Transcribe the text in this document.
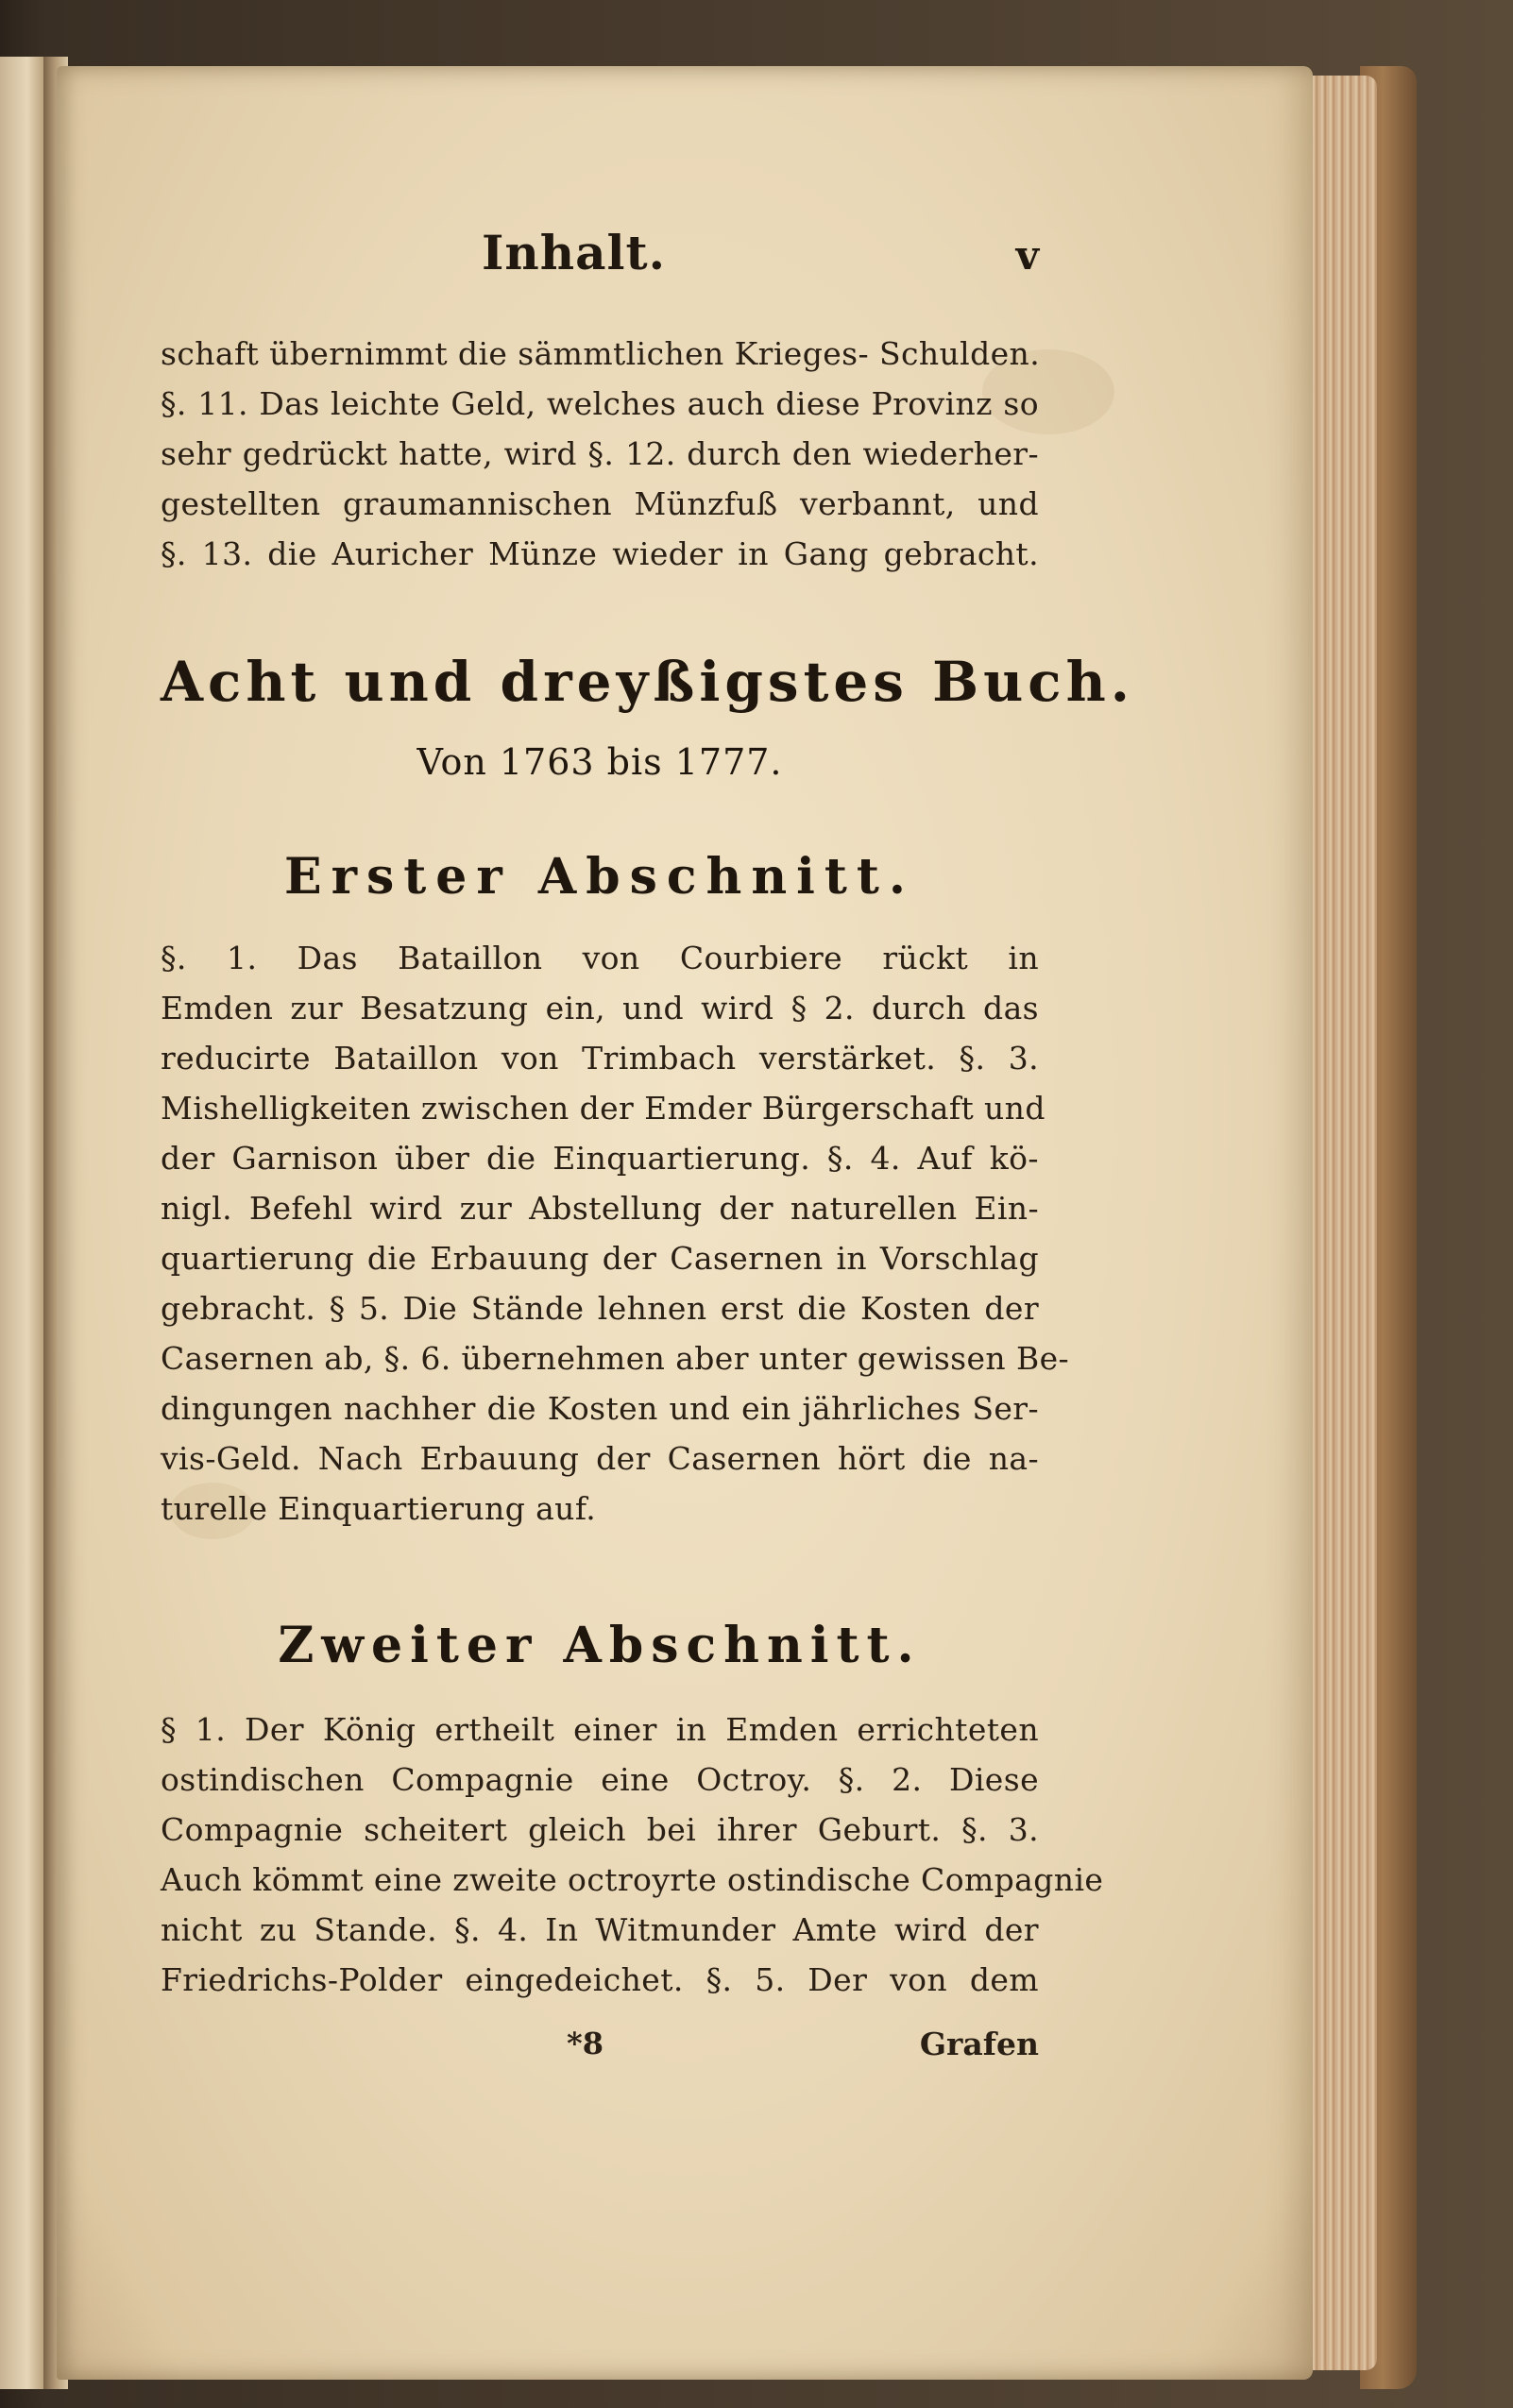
Inhalt.	v
schaft übernimmt die sämmtlichen Krieges- Schulden.
§. 11. Das leichte Geld, welches auch diese Provinz so
sehr gedrückt hatte, wird §. 12. durch den wiederher-
gestellten graumannischen Münzfuß verbannt, und
§. 13. die Auricher Münze wieder in Gang gebracht.
Acht und dreyßigstes Buch.
Von 1763 bis 1777.
Erster Abschnitt.
§. 1. Das Bataillon von Courbiere rückt in
Emden zur Besatzung ein, und wird § 2. durch das
reducirte Bataillon von Trimbach verstärket. §. 3.
Mishelligkeiten zwischen der Emder Bürgerschaft und
der Garnison über die Einquartierung. §. 4. Auf kö-
nigl. Befehl wird zur Abstellung der naturellen Ein-
quartierung die Erbauung der Casernen in Vorschlag
gebracht. § 5. Die Stände lehnen erst die Kosten der
Casernen ab, §. 6. übernehmen aber unter gewissen Be-
dingungen nachher die Kosten und ein jährliches Ser-
vis-Geld. Nach Erbauung der Casernen hört die na-
turelle Einquartierung auf.
Zweiter Abschnitt.
§ 1. Der König ertheilt einer in Emden errichteten
ostindischen Compagnie eine Octroy. §. 2. Diese
Compagnie scheitert gleich bei ihrer Geburt. §. 3.
Auch kömmt eine zweite octroyrte ostindische Compagnie
nicht zu Stande. §. 4. In Witmunder Amte wird der
Friedrichs-Polder eingedeichet. §. 5. Der von dem
*8	Grafen
